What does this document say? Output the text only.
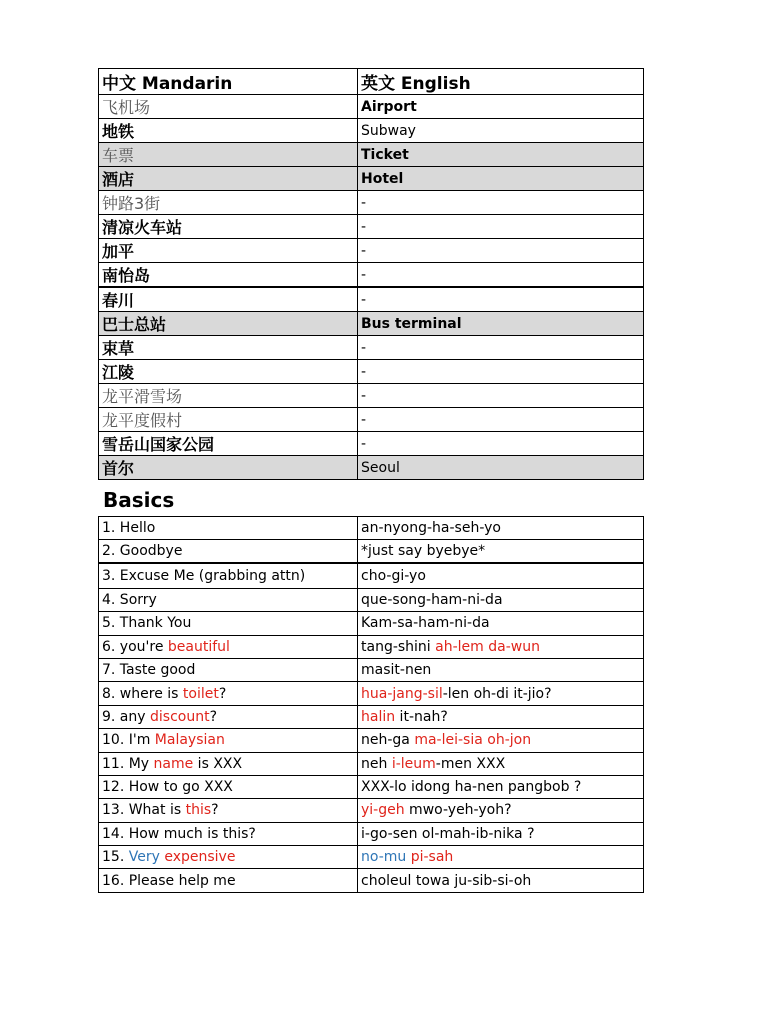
中文 Mandarin	英文 English
飞机场	Airport
地铁	Subway
车票	Ticket
酒店	Hotel
钟路3街	-
清凉火车站	-
加平	-
南怡岛	-
春川	-
巴士总站	Bus terminal
束草	-
江陵	-
龙平滑雪场	-
龙平度假村	-
雪岳山国家公园	-
首尔	Seoul
Basics
1. Hello	an-nyong-ha-seh-yo
2. Goodbye	*just say byebye*
3. Excuse Me (grabbing attn)	cho-gi-yo
4. Sorry	que-song-ham-ni-da
5. Thank You	Kam-sa-ham-ni-da
6. you're beautiful	tang-shini ah-lem da-wun
7. Taste good	masit-nen
8. where is toilet?	hua-jang-sil-len oh-di it-jio?
9. any discount?	halin it-nah?
10. I'm Malaysian	neh-ga ma-lei-sia oh-jon
11. My name is XXX	neh i-leum-men XXX
12. How to go XXX	XXX-lo idong ha-nen pangbob ?
13. What is this?	yi-geh mwo-yeh-yoh?
14. How much is this?	i-go-sen ol-mah-ib-nika ?
15. Very expensive	no-mu pi-sah
16. Please help me	choleul towa ju-sib-si-oh
